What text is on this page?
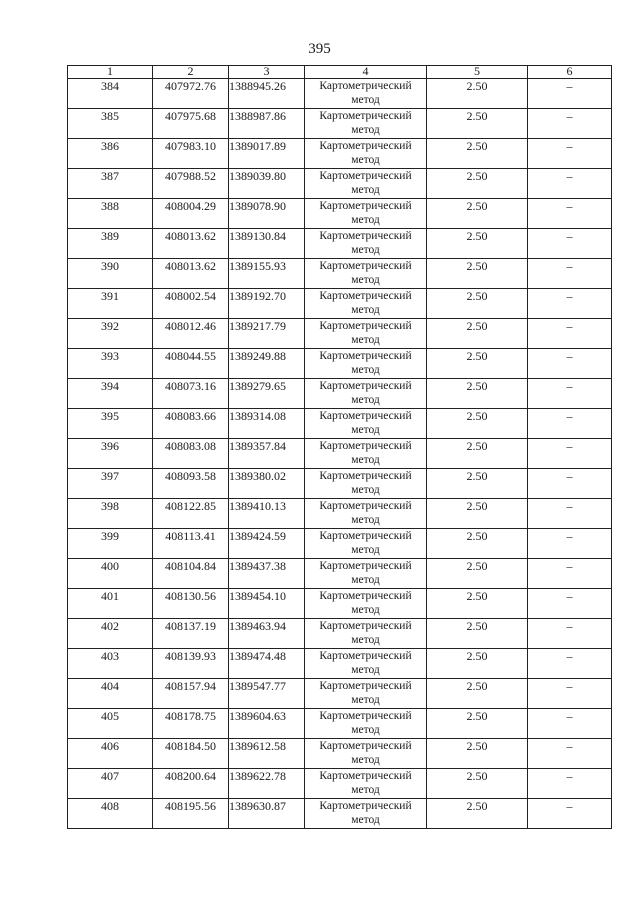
395
1	2	3	4	5	6
384	407972.76	1388945.26	Картометрический метод	2.50	–
385	407975.68	1388987.86	Картометрический метод	2.50	–
386	407983.10	1389017.89	Картометрический метод	2.50	–
387	407988.52	1389039.80	Картометрический метод	2.50	–
388	408004.29	1389078.90	Картометрический метод	2.50	–
389	408013.62	1389130.84	Картометрический метод	2.50	–
390	408013.62	1389155.93	Картометрический метод	2.50	–
391	408002.54	1389192.70	Картометрический метод	2.50	–
392	408012.46	1389217.79	Картометрический метод	2.50	–
393	408044.55	1389249.88	Картометрический метод	2.50	–
394	408073.16	1389279.65	Картометрический метод	2.50	–
395	408083.66	1389314.08	Картометрический метод	2.50	–
396	408083.08	1389357.84	Картометрический метод	2.50	–
397	408093.58	1389380.02	Картометрический метод	2.50	–
398	408122.85	1389410.13	Картометрический метод	2.50	–
399	408113.41	1389424.59	Картометрический метод	2.50	–
400	408104.84	1389437.38	Картометрический метод	2.50	–
401	408130.56	1389454.10	Картометрический метод	2.50	–
402	408137.19	1389463.94	Картометрический метод	2.50	–
403	408139.93	1389474.48	Картометрический метод	2.50	–
404	408157.94	1389547.77	Картометрический метод	2.50	–
405	408178.75	1389604.63	Картометрический метод	2.50	–
406	408184.50	1389612.58	Картометрический метод	2.50	–
407	408200.64	1389622.78	Картометрический метод	2.50	–
408	408195.56	1389630.87	Картометрический метод	2.50	–
